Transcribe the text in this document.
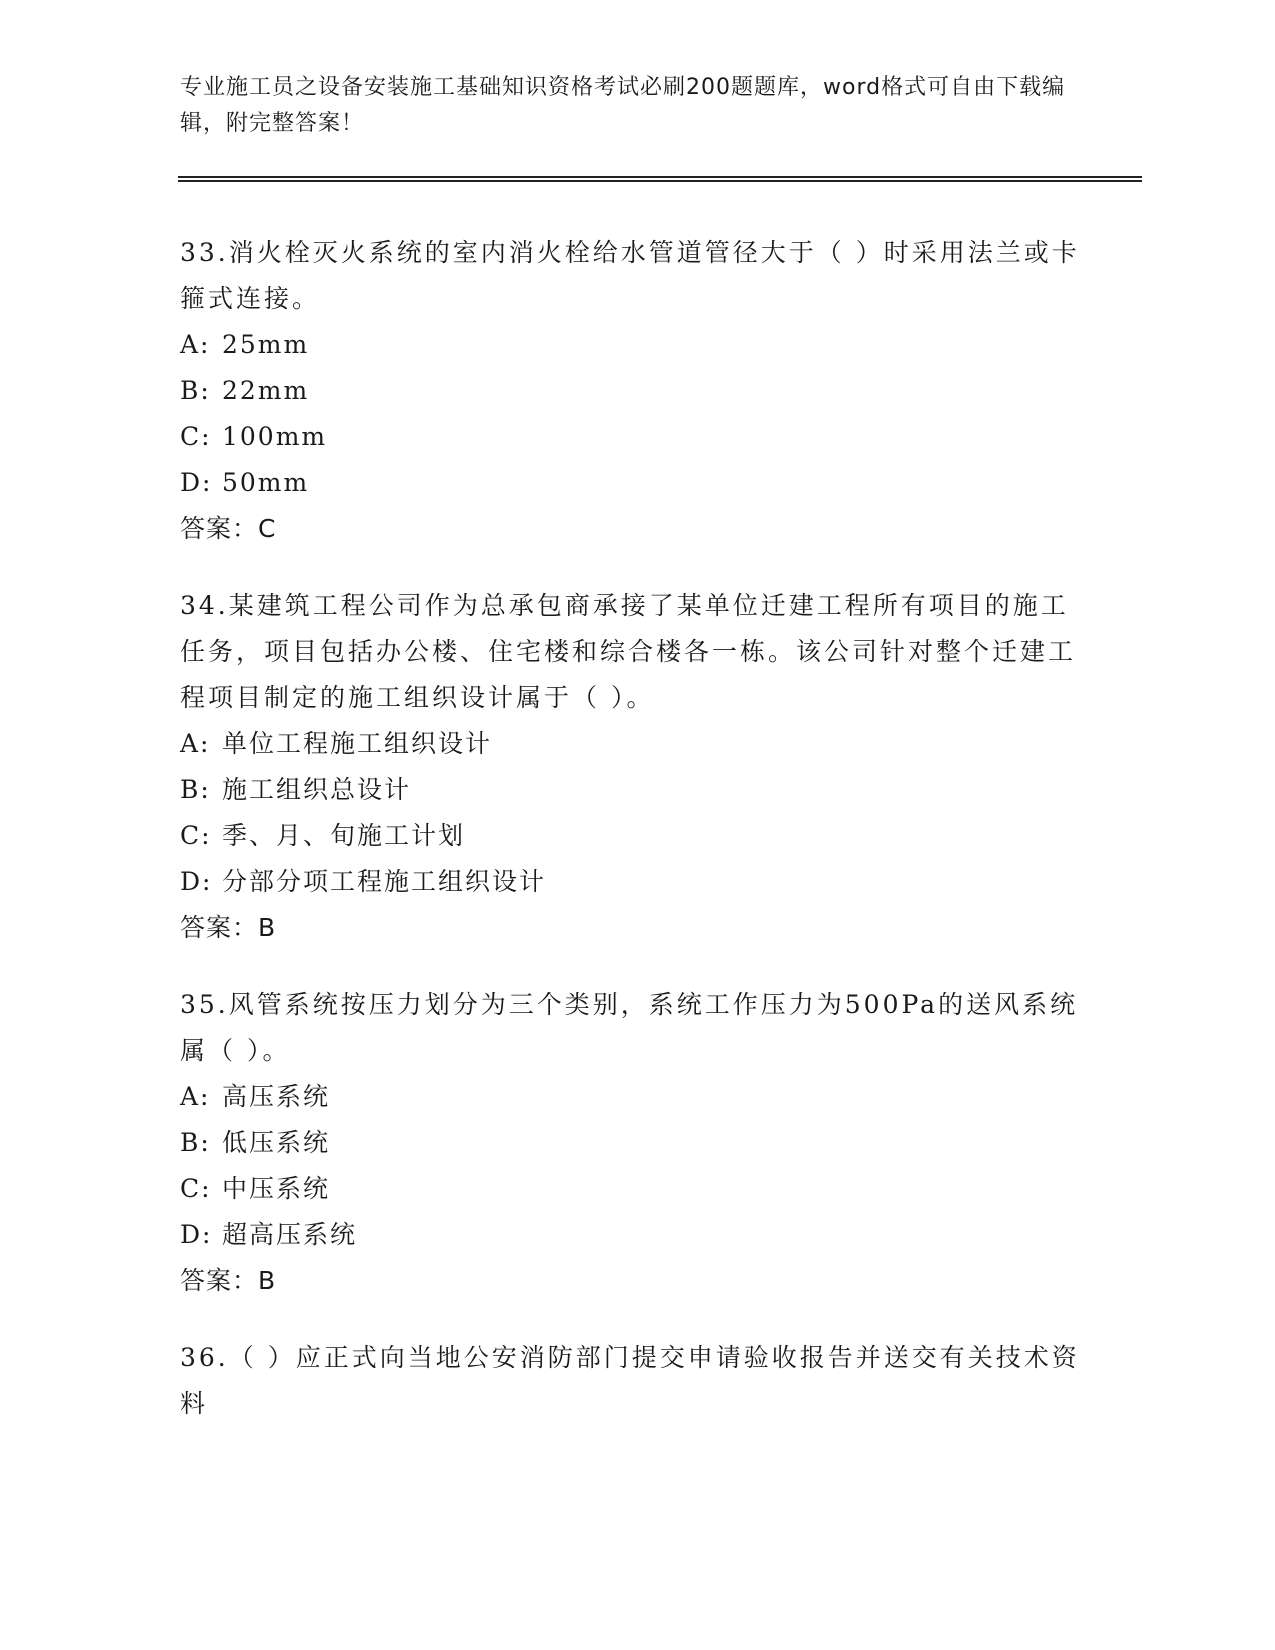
专业施工员之设备安装施工基础知识资格考试必刷200题题库，word格式可自由下载编辑，附完整答案！

33.消火栓灭火系统的室内消火栓给水管道管径大于（ ）时采用法兰或卡箍式连接。

A: 25mm

B: 22mm

C: 100mm

D: 50mm

答案：C

34.某建筑工程公司作为总承包商承接了某单位迁建工程所有项目的施工任务，项目包括办公楼、住宅楼和综合楼各一栋。该公司针对整个迁建工程项目制定的施工组织设计属于（ ）。

A: 单位工程施工组织设计

B: 施工组织总设计

C: 季、月、旬施工计划

D: 分部分项工程施工组织设计

答案：B

35.风管系统按压力划分为三个类别，系统工作压力为500Pa的送风系统属（ ）。

A: 高压系统

B: 低压系统

C: 中压系统

D: 超高压系统

答案：B

36.（ ）应正式向当地公安消防部门提交申请验收报告并送交有关技术资料
